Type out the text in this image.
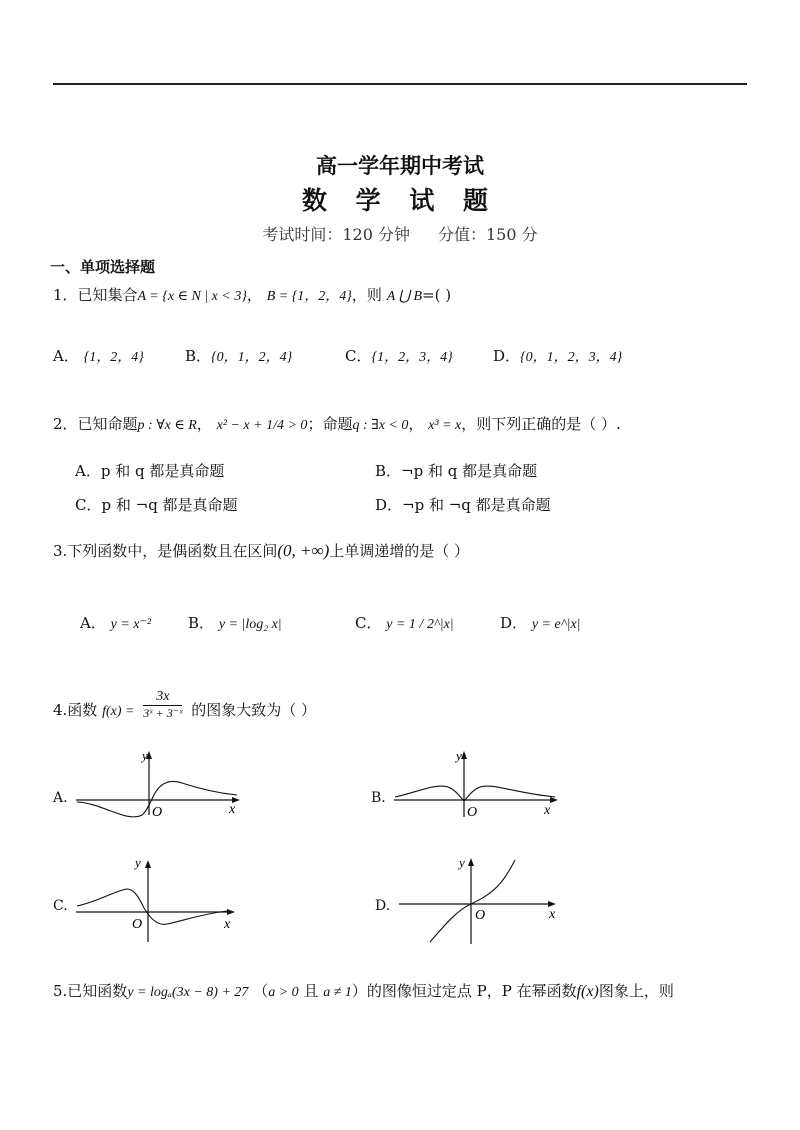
高一学年期中考试
数 学 试 题
考试时间：120 分钟 分值：150 分
一、单项选择题
1．已知集合A = {x ∈ N | x < 3}， B = {1，2，4}，则 A ⋃ B=( )
A． {1，2，4}	B．{0，1，2，4}	C．{1，2，3，4}	D．{0，1，2，3，4}
2．已知命题p : ∀x ∈ R， x² − x + 1/4 > 0；命题q : ∃x < 0， x³ = x，则下列正确的是（ ）.
A．p 和 q 都是真命题	B．¬p 和 q 都是真命题
C．p 和 ¬q 都是真命题	D．¬p 和 ¬q 都是真命题
3.下列函数中，是偶函数且在区间(0, +∞)上单调递增的是（ ）
A． y = x⁻² B． y = |log₂ x|	C． y = 1 / 2^|x|	D． y = e^|x|
4.函数 $f(x) = \frac{3x}{\text{3ˣ + 3⁻ˣ}}$ 的图象大致为（ ）
A.
y
O	x
B.
y
O	x
C.
y
O	x
D.
y
O	x
5.已知函数y = logₐ(3x − 8) + 27 （a > 0 且 a ≠ 1）的图像恒过定点 P，P 在幂函数f(x)图象上，则
